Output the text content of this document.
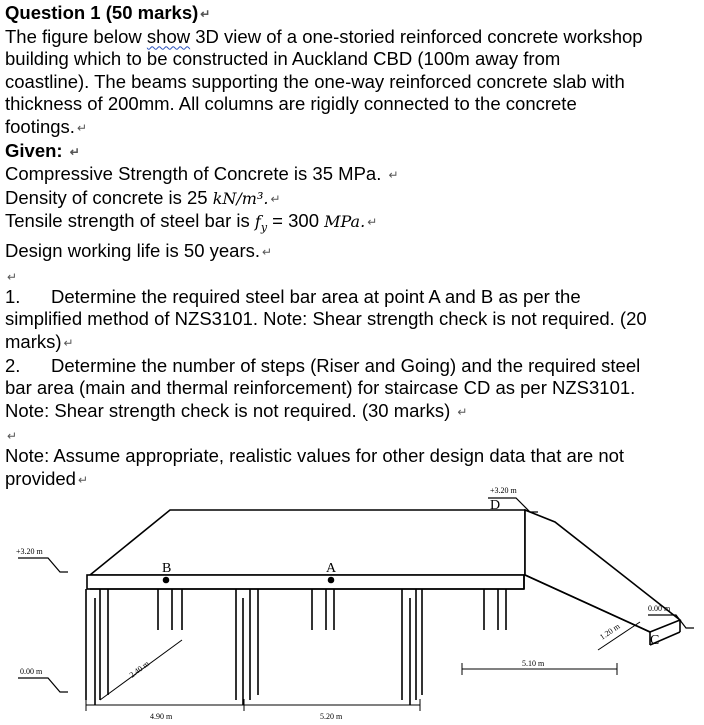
Question 1 (50 marks) ↵

The figure below show 3D view of a one-storied reinforced concrete workshop

building which to be constructed in Auckland CBD (100m away from

coastline). The beams supporting the one-way reinforced concrete slab with

thickness of 200mm. All columns are rigidly connected to the concrete

footings. ↵

Given: ↵

Compressive Strength of Concrete is 35 MPa. ↵

Density of concrete is 25 kN/m³. ↵

Tensile strength of steel bar is $f_y = 300$ MPa. ↵

Design working life is 50 years. ↵

↵

1. Determine the required steel bar area at point A and B as per the

simplified method of NZS3101. Note: Shear strength check is not required. (20

marks) ↵

2. Determine the number of steps (Riser and Going) and the required steel

bar area (main and thermal reinforcement) for staircase CD as per NZS3101.

Note: Shear strength check is not required. (30 marks) ↵

↵

Note: Assume appropriate, realistic values for other design data that are not

provided ↵

B	A
C
D
+3.20 m
0.00 m
+3.20 m
0.00 m
4.90 m	5.20 m
5.10 m
2.40 m
1.20 m
